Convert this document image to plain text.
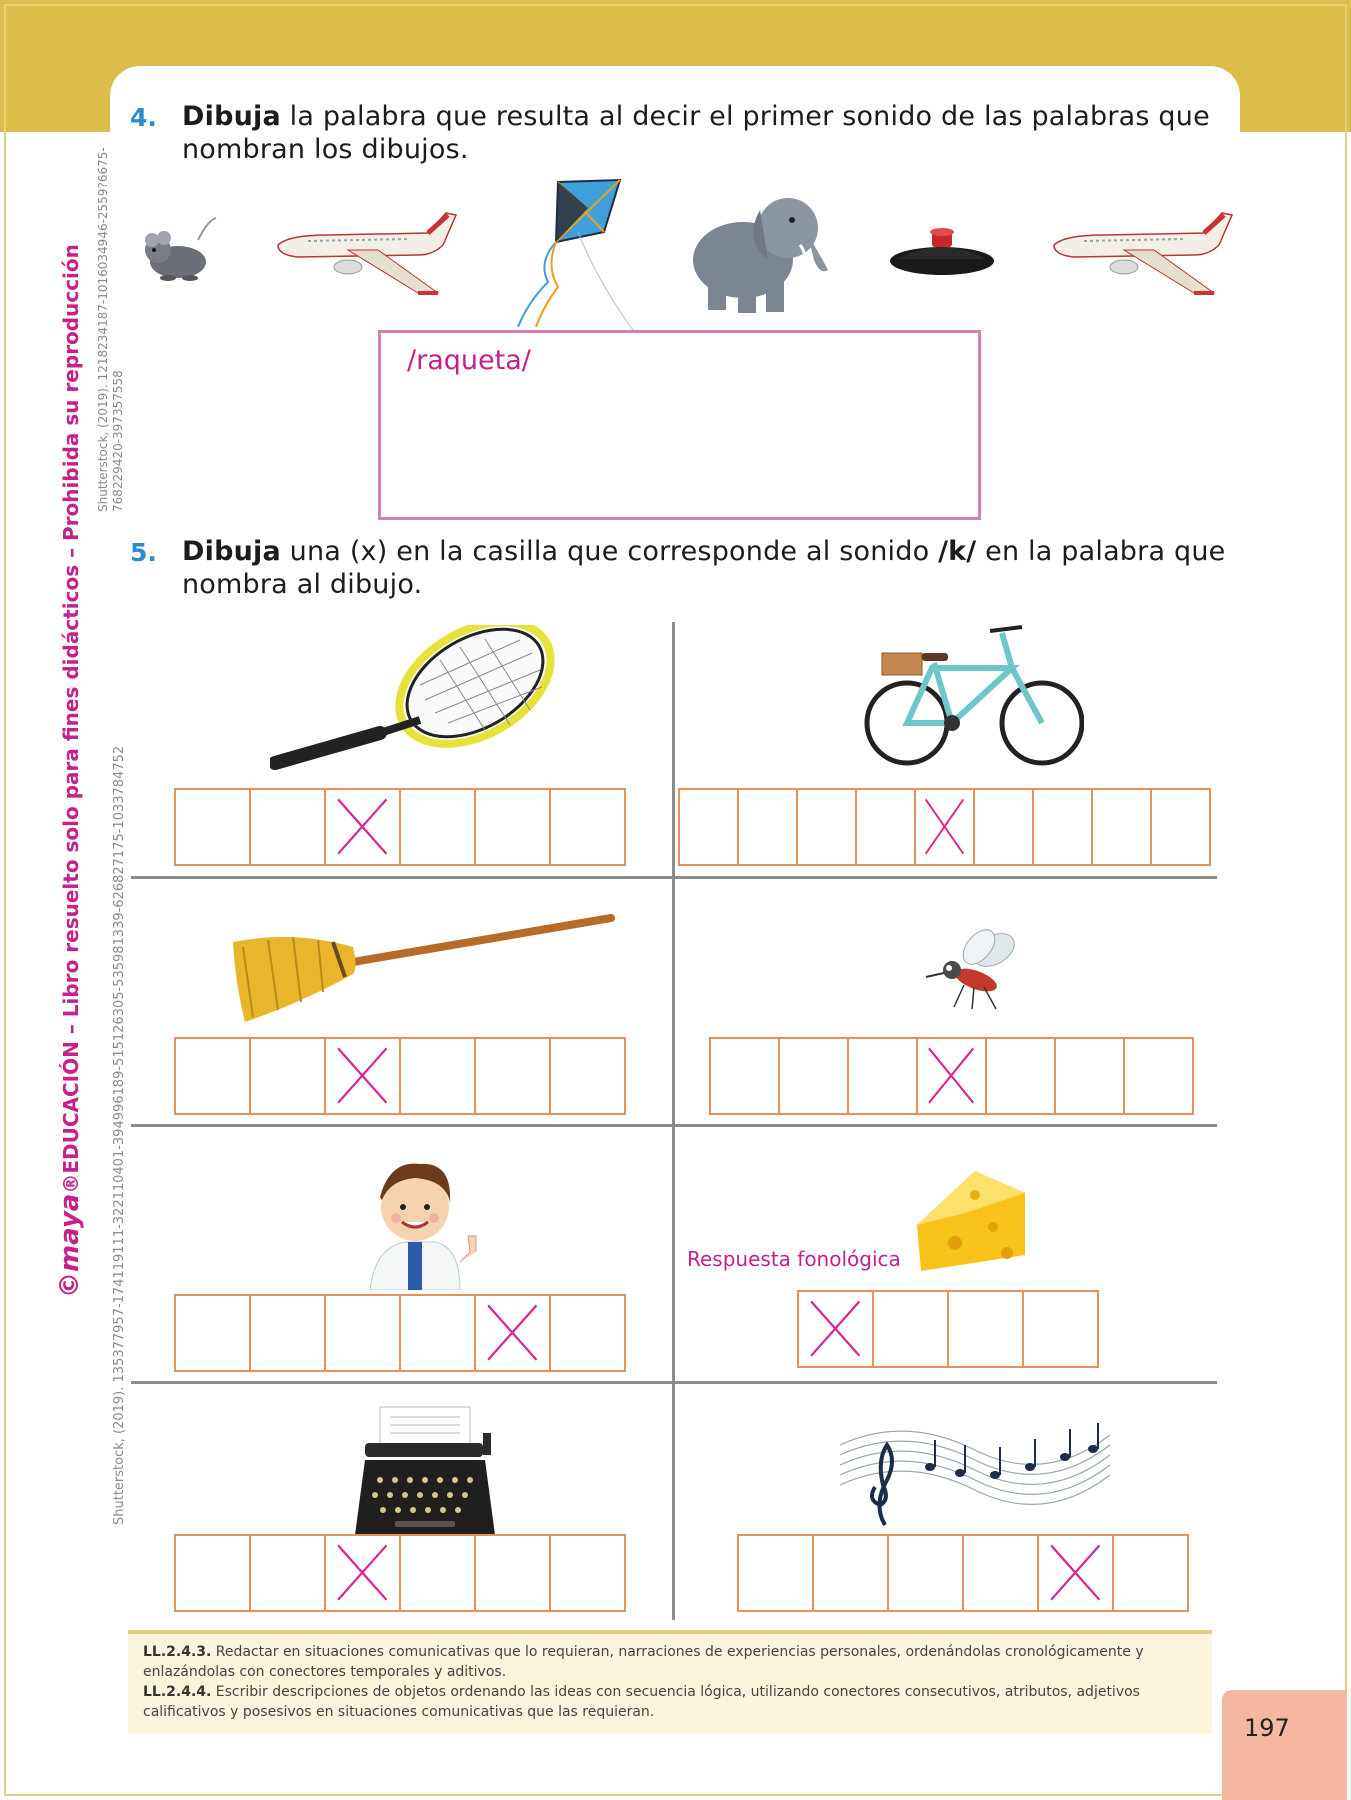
©maya®EDUCACIÓN – Libro resuelto solo para fines didácticos – Prohibida su reproducción Shutterstock, (2019). 135377957-174119111-322110401-394996189-515126305-535981339-626827175-1033784752
Shutterstock, (2019). 1218234187-1016034946-2559?6675- 768229420-397357558
4. Dibuja la palabra que resulta al decir el primer sonido de las palabras que nombran los dibujos.
/raqueta/
5. Dibuja una (x) en la casilla que corresponde al sonido /k/ en la palabra que nombra al dibujo.
Respuesta fonológica
LL.2.4.3. Redactar en situaciones comunicativas que lo requieran, narraciones de experiencias personales, ordenándolas cronológicamente y enlazándolas con conectores temporales y aditivos.
LL.2.4.4. Escribir descripciones de objetos ordenando las ideas con secuencia lógica, utilizando conectores consecutivos, atributos, adjetivos calificativos y posesivos en situaciones comunicativas que las requieran.
197
